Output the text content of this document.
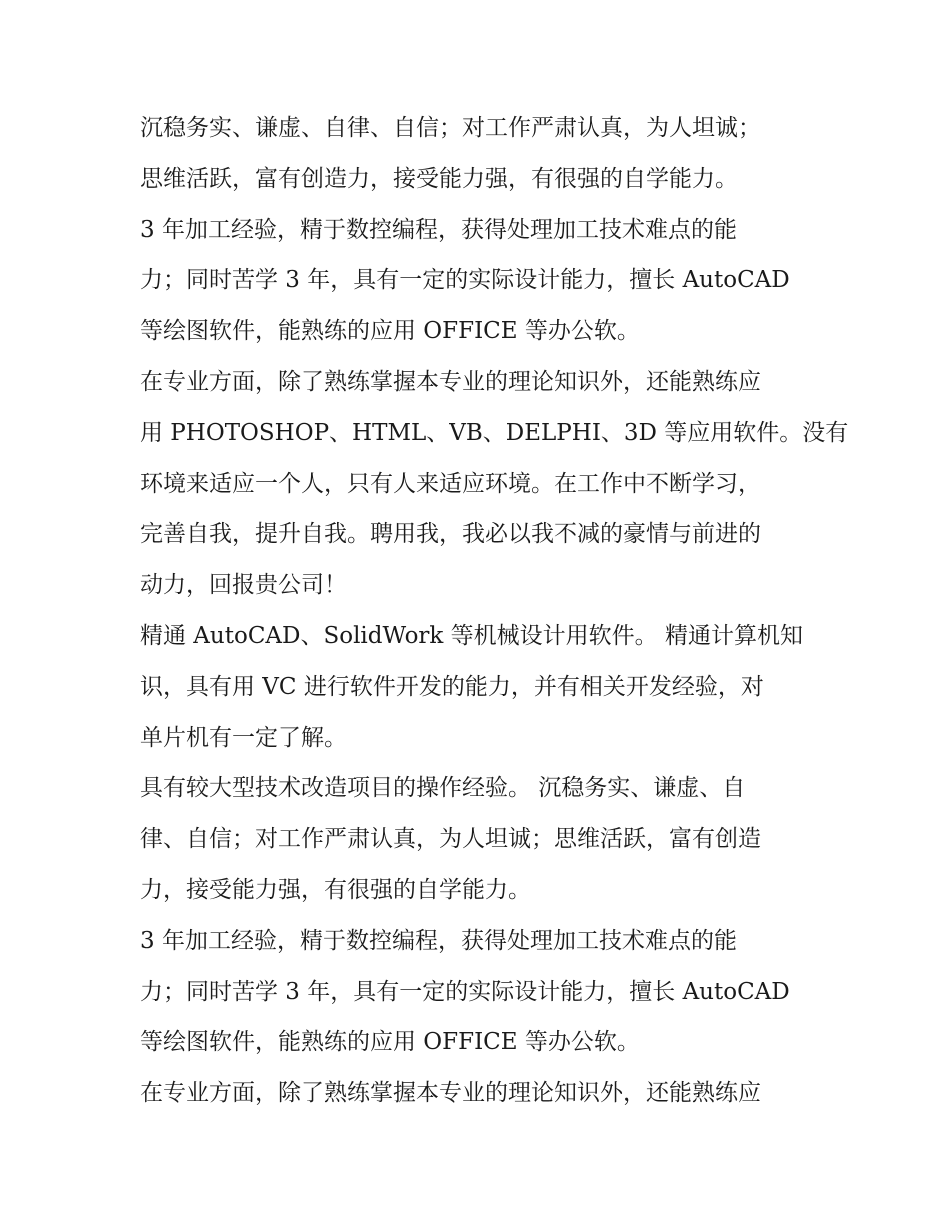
沉稳务实、谦虚、自律、自信；对工作严肃认真，为人坦诚；
思维活跃，富有创造力，接受能力强，有很强的自学能力。
3 年加工经验，精于数控编程，获得处理加工技术难点的能
力；同时苦学 3 年，具有一定的实际设计能力，擅长 AutoCAD
等绘图软件，能熟练的应用 OFFICE 等办公软。
在专业方面，除了熟练掌握本专业的理论知识外，还能熟练应
用 PHOTOSHOP、HTML、VB、DELPHI、3D 等应用软件。没有
环境来适应一个人，只有人来适应环境。在工作中不断学习，
完善自我，提升自我。聘用我，我必以我不减的豪情与前进的
动力，回报贵公司！
精通 AutoCAD、SolidWork 等机械设计用软件。 精通计算机知
识，具有用 VC 进行软件开发的能力，并有相关开发经验，对
单片机有一定了解。
具有较大型技术改造项目的操作经验。 沉稳务实、谦虚、自
律、自信；对工作严肃认真，为人坦诚；思维活跃，富有创造
力，接受能力强，有很强的自学能力。
3 年加工经验，精于数控编程，获得处理加工技术难点的能
力；同时苦学 3 年，具有一定的实际设计能力，擅长 AutoCAD
等绘图软件，能熟练的应用 OFFICE 等办公软。
在专业方面，除了熟练掌握本专业的理论知识外，还能熟练应
